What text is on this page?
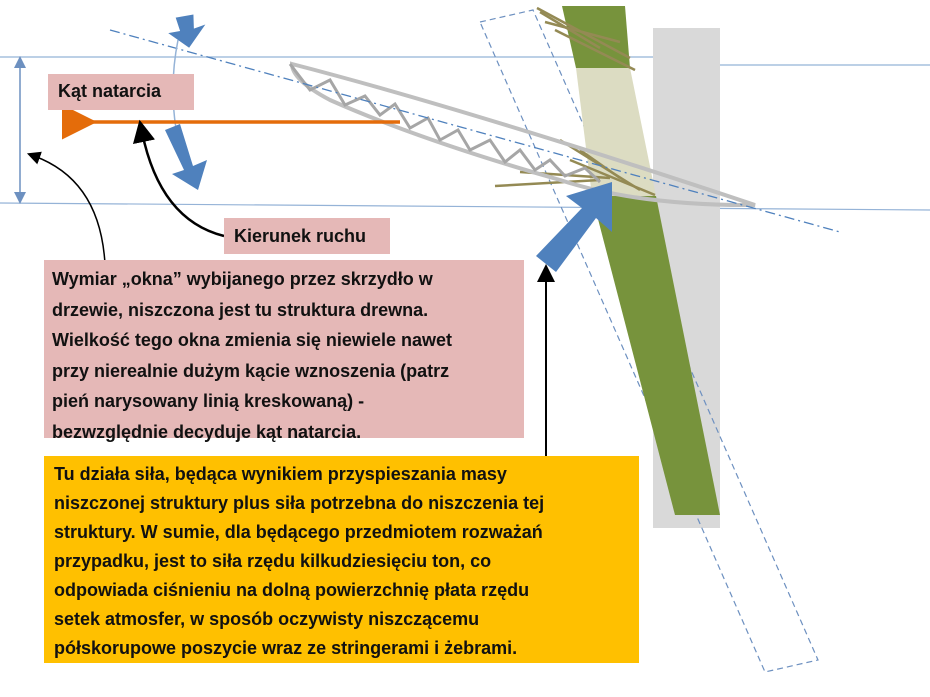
Kąt natarcia
Kierunek ruchu
Wymiar „okna” wybijanego przez skrzydło w
drzewie, niszczona jest tu struktura drewna.
Wielkość tego okna zmienia się niewiele nawet
przy nierealnie dużym kącie wznoszenia (patrz
pień narysowany linią kreskowaną) -
bezwzględnie decyduje kąt natarcia.
Tu działa siła, będąca wynikiem przyspieszania masy
niszczonej struktury plus siła potrzebna do niszczenia tej
struktury. W sumie, dla będącego przedmiotem rozważań
przypadku, jest to siła rzędu kilkudziesięciu ton, co
odpowiada ciśnieniu na dolną powierzchnię płata rzędu
setek atmosfer, w sposób oczywisty niszczącemu
półskorupowe poszycie wraz ze stringerami i żebrami.
